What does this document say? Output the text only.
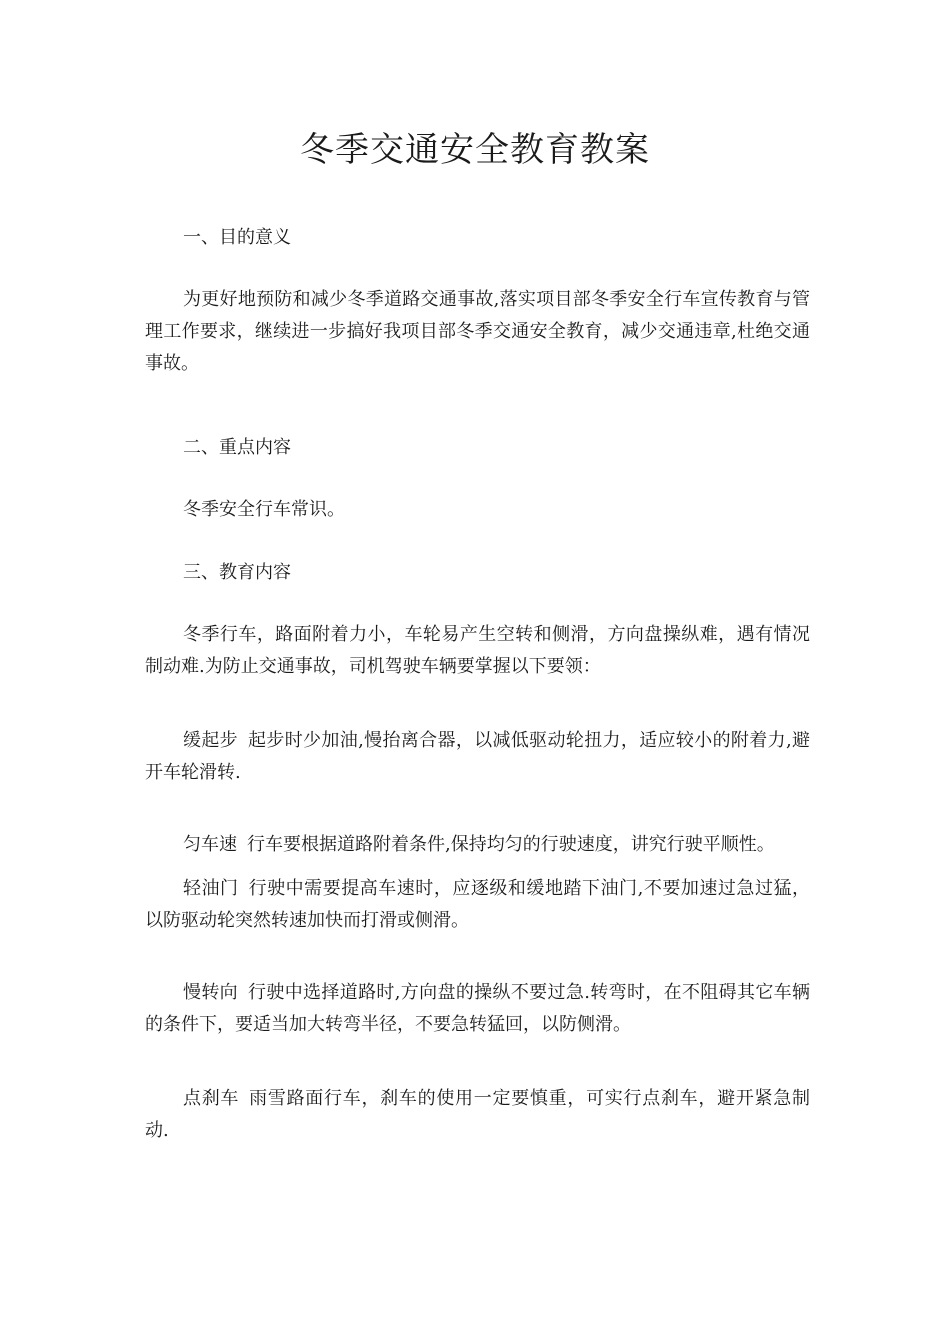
冬季交通安全教育教案

一、目的意义

为更好地预防和减少冬季道路交通事故,落实项目部冬季安全行车宣传教育与管理工作要求，继续进一步搞好我项目部冬季交通安全教育，减少交通违章,杜绝交通事故。

二、重点内容

冬季安全行车常识。

三、教育内容

冬季行车，路面附着力小，车轮易产生空转和侧滑，方向盘操纵难，遇有情况制动难.为防止交通事故，司机驾驶车辆要掌握以下要领：

缓起步 起步时少加油,慢抬离合器，以减低驱动轮扭力，适应较小的附着力,避开车轮滑转.

匀车速 行车要根据道路附着条件,保持均匀的行驶速度，讲究行驶平顺性。

轻油门 行驶中需要提高车速时，应逐级和缓地踏下油门,不要加速过急过猛，以防驱动轮突然转速加快而打滑或侧滑。

慢转向 行驶中选择道路时,方向盘的操纵不要过急.转弯时，在不阻碍其它车辆的条件下，要适当加大转弯半径，不要急转猛回，以防侧滑。

点刹车 雨雪路面行车，刹车的使用一定要慎重，可实行点刹车，避开紧急制动.
